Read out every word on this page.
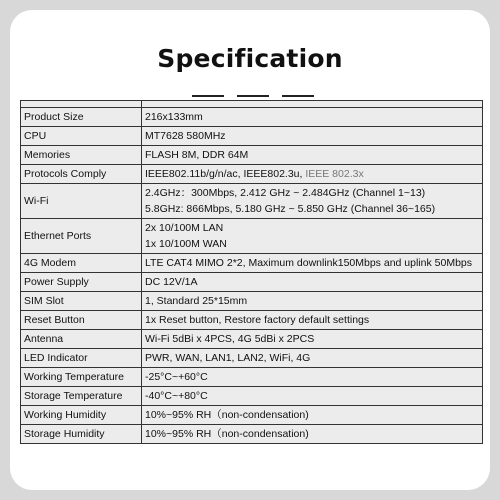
Specification

Product Size	216x133mm
CPU	MT7628 580MHz
Memories	FLASH 8M, DDR 64M
Protocols Comply	IEEE802.11b/g/n/ac, IEEE802.3u, IEEE 802.3x
Wi-Fi	2.4GHz：300Mbps, 2.412 GHz ~ 2.484GHz (Channel 1~13)        5.8GHz: 866Mbps, 5.180 GHz ~ 5.850 GHz (Channel 36~165)
Ethernet Ports	2x 10/100M LAN
1x 10/100M WAN

4G Modem	LTE CAT4 MIMO 2*2, Maximum downlink150Mbps and uplink 50Mbps
Power Supply	DC 12V/1A
SIM Slot	1, Standard 25*15mm
Reset Button	1x Reset button, Restore factory default settings
Antenna	Wi-Fi 5dBi x 4PCS, 4G 5dBi x 2PCS
LED Indicator	PWR, WAN, LAN1, LAN2, WiFi, 4G
Working Temperature	-25°C~+60°C
Storage Temperature	-40°C~+80°C
Working Humidity	10%~95% RH（non-condensation)
Storage Humidity	10%~95% RH（non-condensation)
